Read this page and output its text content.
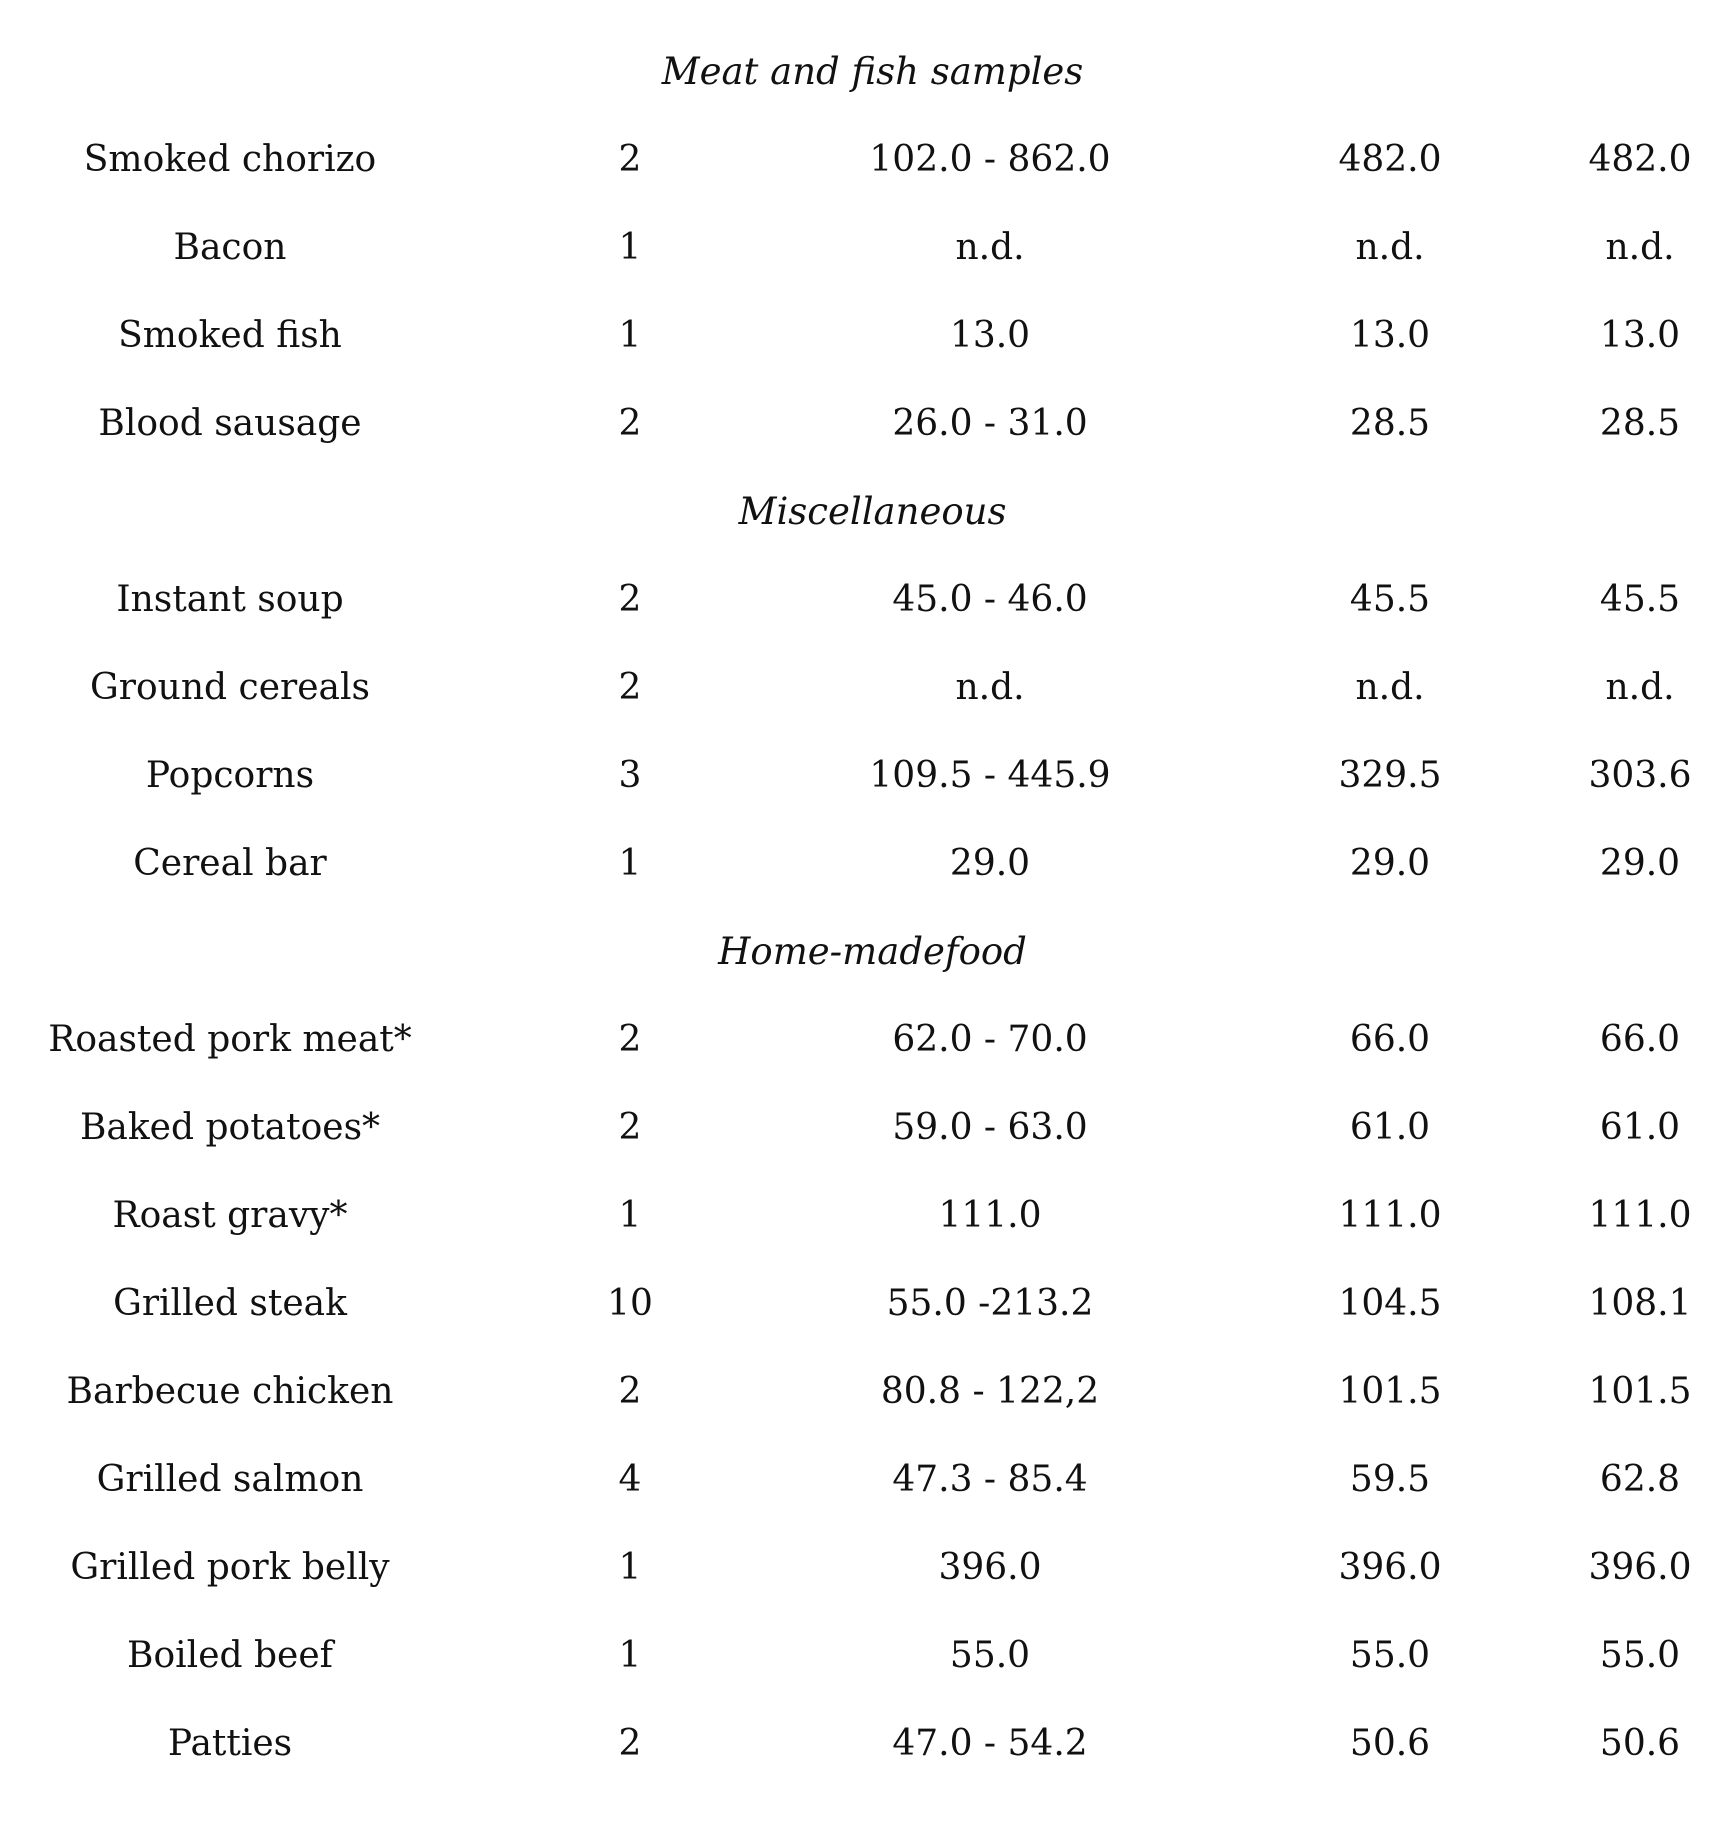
Meat and fish samples
Smoked chorizo	2	102.0 - 862.0	482.0	482.0
Bacon	1	n.d.	n.d.	n.d.
Smoked fish	1	13.0	13.0	13.0
Blood sausage	2	26.0 - 31.0	28.5	28.5
Miscellaneous
Instant soup	2	45.0 - 46.0	45.5	45.5
Ground cereals	2	n.d.	n.d.	n.d.
Popcorns	3	109.5 - 445.9	329.5	303.6
Cereal bar	1	29.0	29.0	29.0
Home-madefood
Roasted pork meat*	2	62.0 - 70.0	66.0	66.0
Baked potatoes*	2	59.0 - 63.0	61.0	61.0
Roast gravy*	1	111.0	111.0	111.0
Grilled steak	10	55.0 -213.2	104.5	108.1
Barbecue chicken	2	80.8 - 122,2	101.5	101.5
Grilled salmon	4	47.3 - 85.4	59.5	62.8
Grilled pork belly	1	396.0	396.0	396.0
Boiled beef	1	55.0	55.0	55.0
Patties	2	47.0 - 54.2	50.6	50.6
